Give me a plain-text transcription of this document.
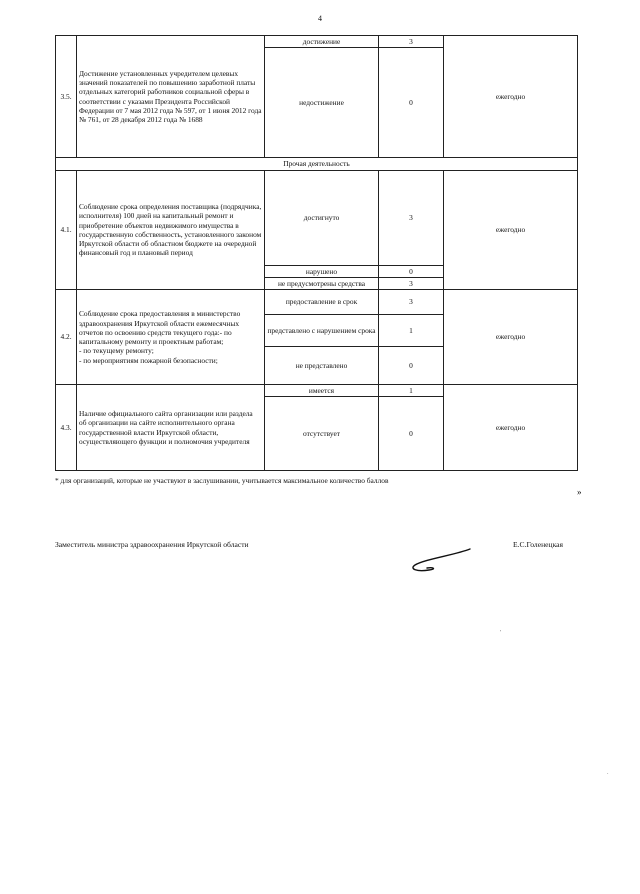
4
3.5.	Достижение установленных учредителем целевых значений показателей по повышению заработной платы отдельных категорий работников социальной сферы в соответствии с указами Президента Российской Федерации от 7 мая 2012 года № 597, от 1 июня 2012 года № 761, от 28 декабря 2012 года № 1688	достижение	3	ежегодно
		недостижение	0	
Прочая деятельность				
4.1.	Соблюдение срока определения поставщика (подрядчика, исполнителя) 100 дней на капитальный ремонт и приобретение объектов недвижимого имущества в государственную собственность, установленного законом Иркутской области об областном бюджете на очередной финансовый год и плановый период	достигнуто	3	ежегодно
		нарушено	0	
		не предусмотрены средства	3	
4.2.	Соблюдение срока предоставления в министерство здравоохранения Иркутской области ежемесячных отчетов по освоению средств текущего года:- по капитальному ремонту и проектным работам;
- по текущему ремонту;
- по мероприятиям пожарной безопасности;	предоставление в срок	3	ежегодно
		представлено с нарушением срока	1	
		не представлено	0	
4.3.	Наличие официального сайта организации или раздела об организации на сайте исполнительного органа государственной власти Иркутской области, осуществляющего функции и полномочия учредителя	имеется	1	ежегодно
		отсутствует	0	
* для организаций, которые не участвуют в заслушивании, учитывается максимальное количество баллов
»
Заместитель министра здравоохранения Иркутской области	Е.С.Голенецкая
'
.
